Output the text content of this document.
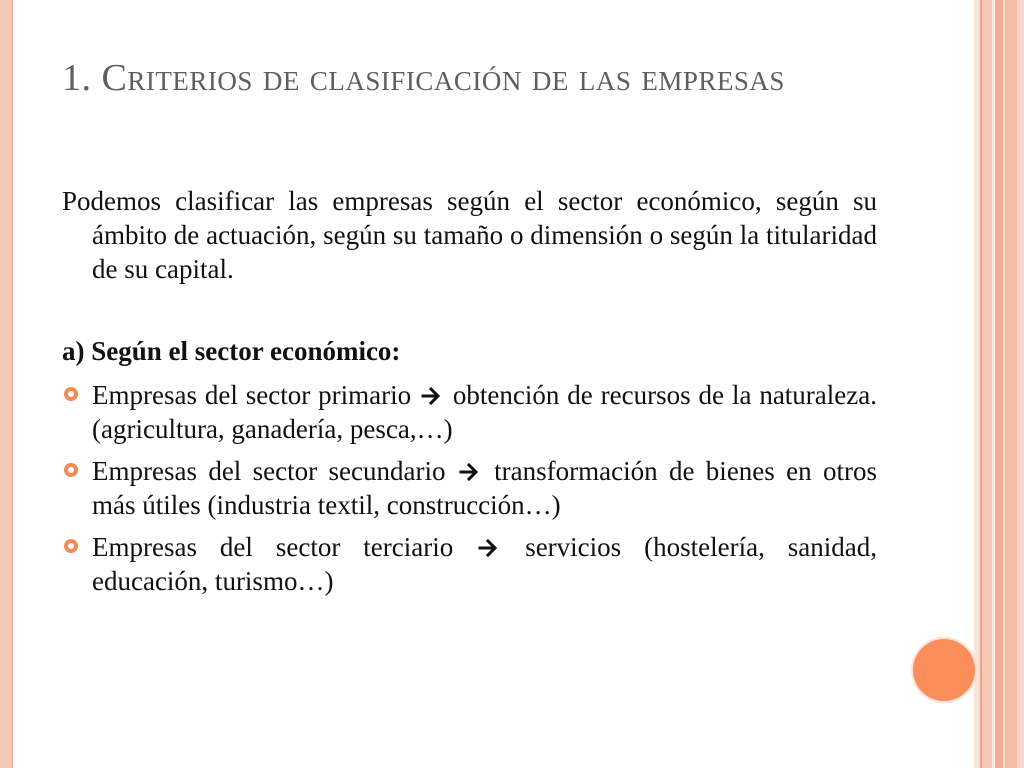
1. Criterios de clasificación de las empresas

Podemos clasificar las empresas según el sector económico, según su ámbito de actuación, según su tamaño o dimensión o según la titularidad de su capital.

a) Según el sector económico:

Empresas del sector primario obtención de recursos de la naturaleza. (agricultura, ganadería, pesca,…)
Empresas del sector secundario transformación de bienes en otros más útiles (industria textil, construcción…)
Empresas del sector terciario	servicios (hostelería, sanidad, educación, turismo…)
